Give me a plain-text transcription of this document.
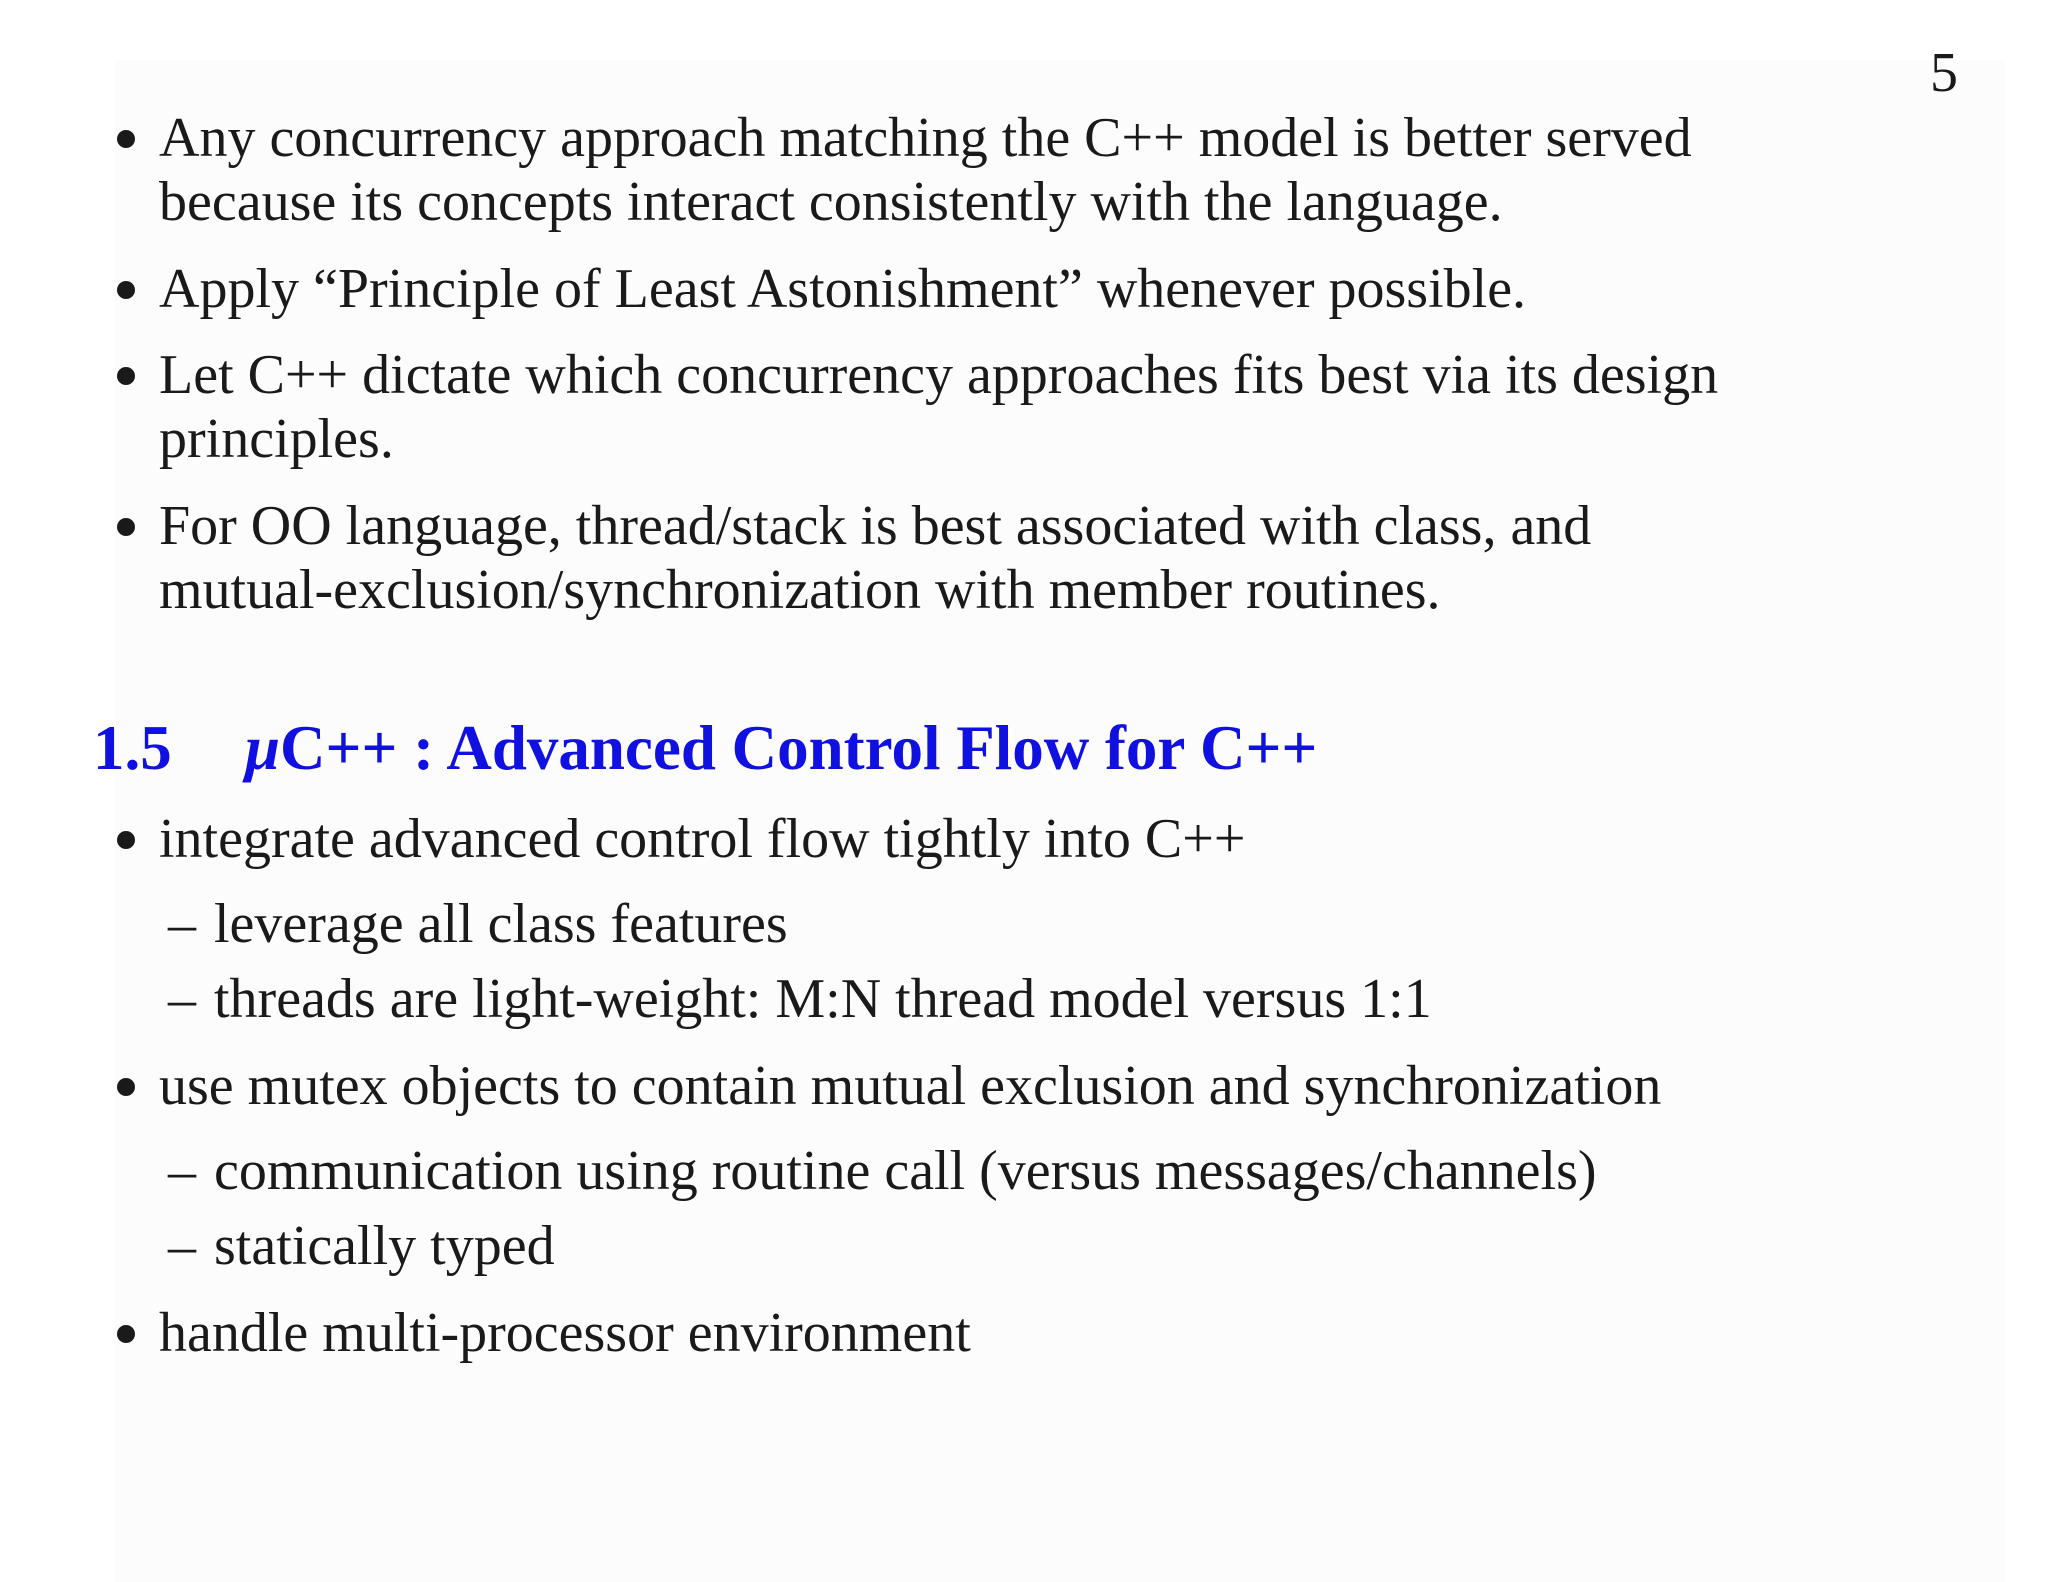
5
Any concurrency approach matching the C++ model is better served
because its concepts interact consistently with the language.
Apply “Principle of Least Astonishment” whenever possible.
Let C++ dictate which concurrency approaches fits best via its design
principles.
For OO language, thread/stack is best associated with class, and
mutual-exclusion/synchronization with member routines.
1.5 μC++ : Advanced Control Flow for C++
integrate advanced control flow tightly into C++
– leverage all class features
– threads are light-weight: M:N thread model versus 1:1
use mutex objects to contain mutual exclusion and synchronization
– communication using routine call (versus messages/channels)
– statically typed
handle multi-processor environment
